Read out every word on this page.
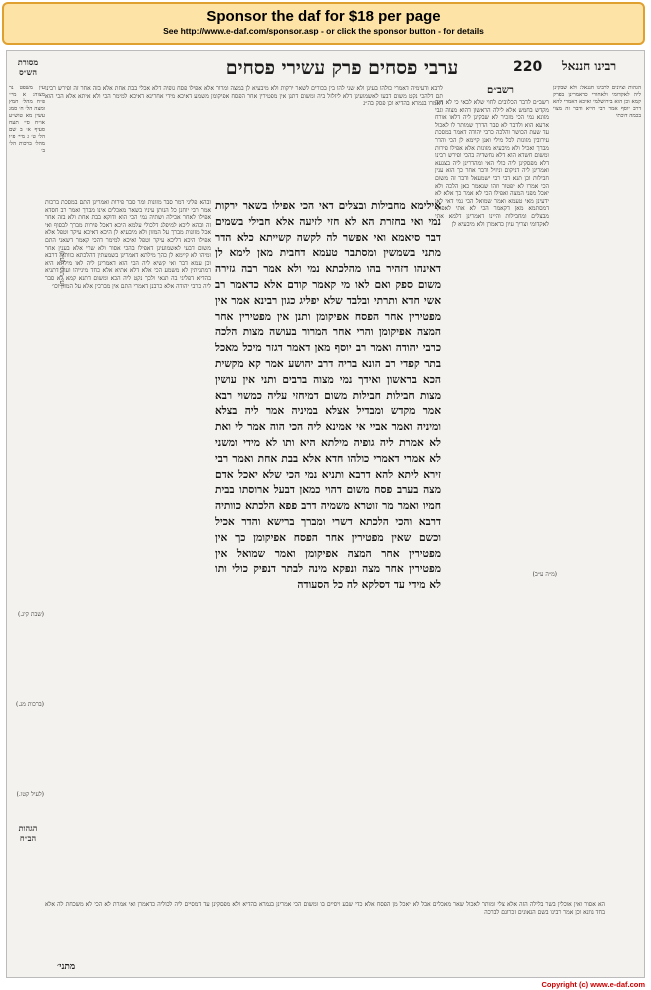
Sponsor the daf for $18 per page
See http://www.e-daf.com/sponsor.asp - or click the sponsor button - for details
ערבי פסחים פרק עשירי פסחים	220 רבינו חננאל
מסורת הש״ס
רשב״ם

לרבא ודעימיה דאמרי כולהו בעינן ולא שני להו בין בכורים לשאר ירקות ולא מיבעיא לן במצה ומרור אלא אפילו פסח גופיה דלא אכלי בבת אחת אלא בזה אחר זה ופירש רבינו תם דלהכי נקט משום דבעו לאשמועינן דלא ליזלזל ביה ומשום דתנן אין מפטירין אחר הפסח אפיקומן משמע דאיכא מידי אחרינא דאיכא למימר הכי ולא איתא אלא הכי הוא דאמרו בגמרא בהדיא וכן פסק בה״ג

רשב״ם לדבר הכלובים לחוי שלא לבאי כי לא הוה מקדש בחמש אלא לילה הראשון דהוא מצוה וגבי מזונא נמי הכי מזכיר לא שבקינן ליה דלאו אורח ארעא הוא ולדבר לא סבר הדרך שמותר לו לאכול עד שעת הכושר והלכה כרבי יהודה דאמר במסכת עירובין מזונות לכל מילי ואנן קיימא לן הכי והדר מברך ואכיל ולא מיבעיא מזונות אלא אפילו פירות ומשום חשדא הוא דלא נחשדיה בהכי ופירש רבינו דלא מפסקינן ליה כולי האי ומהדרינן ליה בצנעא ואמרינן ליה דניקום וניזיל ודבר אחר כך הוא ענין חבילות וכן תנא דבי רבי ישמעאל ודבר זה משום הכי אמרו לא יפטור וזהו שנאמר כאן הלכה ולא יאכל מפני המצה ואפילו הכי לא אמר כך אלא לא ידעינן מאי טעמא ואמר שמואל הכי נמי דאי לאו דמסתמא מאן דקאמר הכי לא אתי לאפוקי מבצלים ומחבילות והיינו דאמרינן דלמא אתי לאקדומי וצריך עיון כדאמרן ולא מיבעיא לן

אילימא מחבילות ובצלים דאי הכי אפילו בשאר ירקות נמי ואי בחזרת הא לא חזי לזיעה אלא חבילי בשמים דבר סיאמא ואי אפשר לה לקשה קשייתא כלא הדר מתני בשמשין ומסתבר טעמא דחבית מאן לימא לן דאינהו דזהיר בהו מהלכתא נמי ולא אמר רבה גזירה משום ספק ואם לאו מי קאמר קודם אלא כדאמר רב אשי חדא ותרתי ובלבד שלא יפליג כגון רבינא אמר אין מפטירין אחר הפסח אפיקומן ותנן אין מפטירין אחר המצה אפיקומן והרי אחר המרור בעושה מצות הלכה כרבי יהודה ואמר רב יוסף מאן דאמר דגזר מיכל מאכל בתר קפדי רב הונא בריה דרב יהושע אמר קא מקשית הכא בראשון ואידך נמי מצוה ברבים ותני אין עושין מצות חבילות חבילות משום דמיחזי עליה כמשוי רבא אמר מקדש ומבדיל אצלא במיניה אמר ליה בצלא ומיניה ואמר אביי אי אמינא ליה הכי הוה אמר לי ואת לא אמרת ליה גופיה מילתא היא ותו לא מידי ומשני לא אמרי דאמרי כולהו חדא אלא בבת אחת ואמר רבי זירא ליתא להא דרבא ותניא נמי הכי שלא יאכל אדם מצה בערב פסח משום דהוי כמאן דבעל ארוסתו בבית חמיו ואמר מר זוטרא משמיה דרב פפא הלכתא כוותיה דרבא והכי הלכתא דשרי ומברך ברישא והדר אכיל וכשם שאין מפטירין אחר הפסח אפיקומן כך אין מפטירין אחר המצה אפיקומן ואמר שמואל אין מפטירין אחר מצה ונפקא מינה לבתר דנפיק כולי ותו לא מידי עד דסלקא לה כל הסעודה

ובהא פליגי דמר סבר מזונות ומר סבר פירות ואמרינן התם במסכת ברכות אמר רבי יוחנן כל הנותן עיניו בשאר מאכלים אינו מברך ואמר רב חסדא אפילו לאחר אכילה ושתיה נמי הכי הוא ודוקא בבת אחת ולא בזה אחר זה ובהא ליכא למיפלג דלכולי עלמא היכא דאכל פירות מברך לבסוף ואי אכל מזונות מברך על המזון ולא מיבעיא לן היכא דאיכא עיקר וטפל אלא אפילו היכא דליכא עיקר וטפל ואיכא למימר דהכי קאמר דשאני התם משום דבעי לאשמועינן דאפילו בהכי אסור ולא שרי אלא בענין אחר ומיהו לא קיימא לן כהך מילתא דאמרינן בשמעתין דהלכתא כוותיה דרבא וכן עמא דבר ואי קשיא ליה הכי הוא דאמרינן ליה לאו מילתא היא דמתניתין לא משמע הכי אלא דלא אתיא אלא כחד מינייהו ועוד דתניא בהדיא דפליגי בה תנאי ולכך נקט ליה הכא ומשום דתנא קמא לא סבר ליה כרבי יהודה אלא כרבנן דאמרי התם אין מברכין אלא על המזון וכו׳

הגהות וציונים לרבינו חננאל: ולא שבקינן ליה לאקדומי ולאחורי כדאמרינן בפרק קמא וכן הוא בירושלמי ואיכא דאמרי להא דרב יוסף אמר רבי חייא ודבר זה מצוי בכמה דוכתי

עין משפט נר מצוה: א מיי׳ פ״ח מהל׳ חמץ ומצה הל׳ ח׳ סמג עשין מא טוש״ע או״ח סי׳ תעח סעיף א׳ ב שם הל׳ ט׳ ג מיי׳ פ״ו מהל׳ ברכות הל׳ ב׳

(שבת קיג.)
(ברכות מג.)
(לעיל קטו.)
הגהות הב״ח
(עי׳ תוס׳ לעיל)
(מ״ה ע״ב)

הא אסור ואין אוכלין בשר בלילה הזה אלא צלי ומותר לאכול שאר מאכלים אבל לא יאכל מן הפסח אלא כדי שבע ויסיים בו ומשום הכי אמרינן בגמרא בהדיא ולא מפסקינן עד דמסיים ליה לכוליה כדאמרן ואי אמרת לא הכי לא משכחת לה אלא בחד גוונא וכן אמר רבינו בשם הגאונים זכרונם לברכה

מתני׳
Copyright (c) www.e-daf.com
